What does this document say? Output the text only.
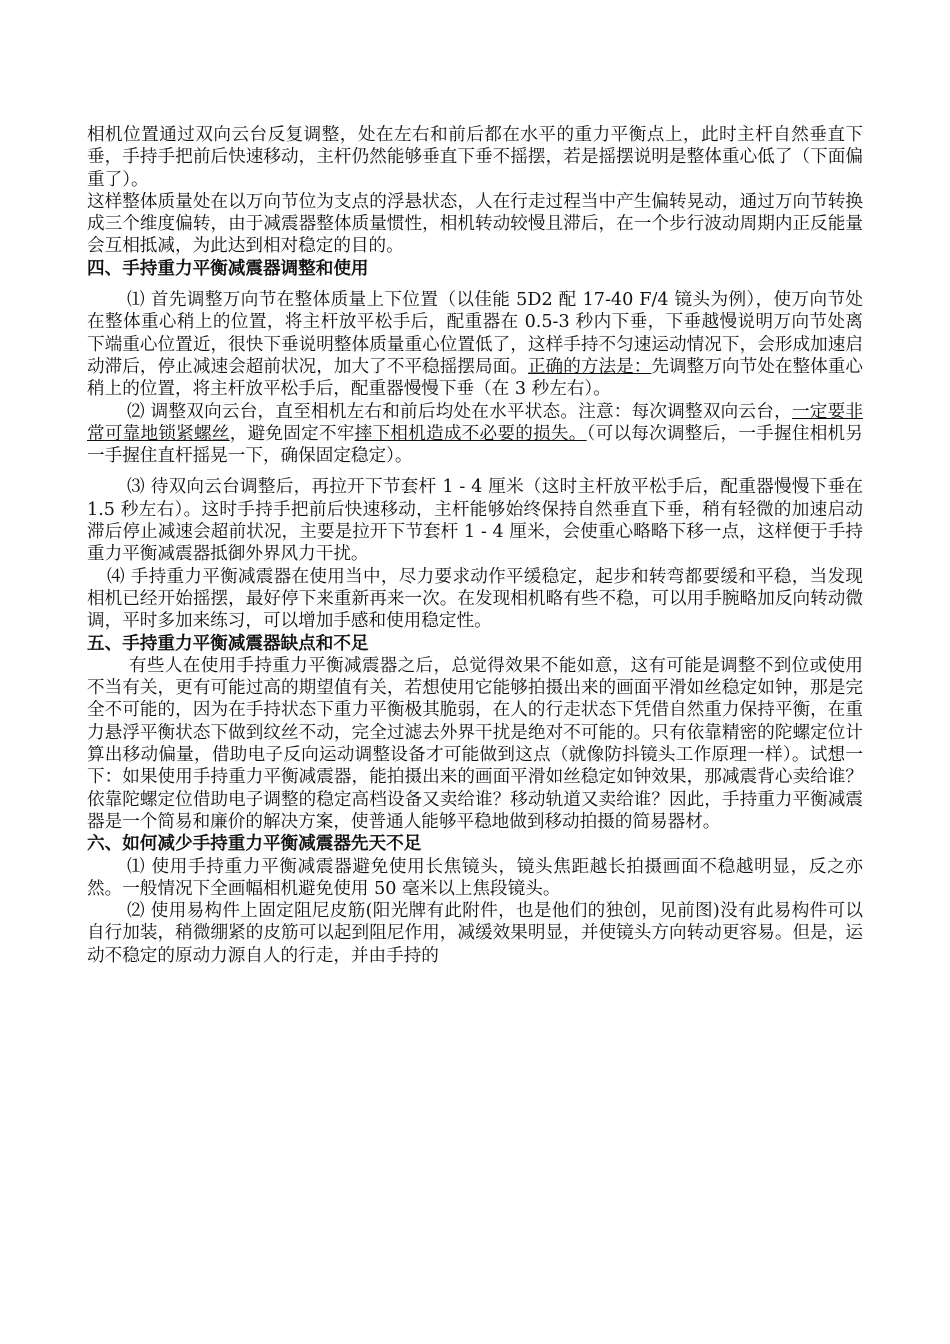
相机位置通过双向云台反复调整，处在左右和前后都在水平的重力平衡点上，此时主杆自然垂直下垂，手持手把前后快速移动，主杆仍然能够垂直下垂不摇摆，若是摇摆说明是整体重心低了（下面偏重了）。

这样整体质量处在以万向节位为支点的浮悬状态，人在行走过程当中产生偏转晃动，通过万向节转换成三个维度偏转，由于减震器整体质量惯性，相机转动较慢且滞后，在一个步行波动周期内正反能量会互相抵减，为此达到相对稳定的目的。

四、手持重力平衡减震器调整和使用

⑴ 首先调整万向节在整体质量上下位置（以佳能 5D2 配 17-40 F/4 镜头为例），使万向节处在整体重心稍上的位置，将主杆放平松手后，配重器在 0.5-3 秒内下垂，下垂越慢说明万向节处离下端重心位置近，很快下垂说明整体质量重心位置低了，这样手持不匀速运动情况下，会形成加速启动滞后，停止减速会超前状况，加大了不平稳摇摆局面。正确的方法是：先调整万向节处在整体重心稍上的位置，将主杆放平松手后，配重器慢慢下垂（在 3 秒左右）。

⑵ 调整双向云台，直至相机左右和前后均处在水平状态。注意：每次调整双向云台，一定要非常可靠地锁紧螺丝，避免固定不牢摔下相机造成不必要的损失。（可以每次调整后，一手握住相机另一手握住直杆摇晃一下，确保固定稳定）。

⑶ 待双向云台调整后，再拉开下节套杆 1 - 4 厘米（这时主杆放平松手后，配重器慢慢下垂在 1.5 秒左右）。这时手持手把前后快速移动，主杆能够始终保持自然垂直下垂，稍有轻微的加速启动滞后停止减速会超前状况，主要是拉开下节套杆 1 - 4 厘米，会使重心略略下移一点，这样便于手持重力平衡减震器抵御外界风力干扰。

⑷ 手持重力平衡减震器在使用当中，尽力要求动作平缓稳定，起步和转弯都要缓和平稳，当发现相机已经开始摇摆，最好停下来重新再来一次。在发现相机略有些不稳，可以用手腕略加反向转动微调，平时多加来练习，可以增加手感和使用稳定性。

五、手持重力平衡减震器缺点和不足

有些人在使用手持重力平衡减震器之后，总觉得效果不能如意，这有可能是调整不到位或使用不当有关，更有可能过高的期望值有关，若想使用它能够拍摄出来的画面平滑如丝稳定如钟，那是完全不可能的，因为在手持状态下重力平衡极其脆弱，在人的行走状态下凭借自然重力保持平衡，在重力悬浮平衡状态下做到纹丝不动，完全过滤去外界干扰是绝对不可能的。只有依靠精密的陀螺定位计算出移动偏量，借助电子反向运动调整设备才可能做到这点（就像防抖镜头工作原理一样）。试想一下：如果使用手持重力平衡减震器，能拍摄出来的画面平滑如丝稳定如钟效果，那减震背心卖给谁？依靠陀螺定位借助电子调整的稳定高档设备又卖给谁？移动轨道又卖给谁？因此，手持重力平衡减震器是一个简易和廉价的解决方案，使普通人能够平稳地做到移动拍摄的简易器材。

六、如何减少手持重力平衡减震器先天不足

⑴ 使用手持重力平衡减震器避免使用长焦镜头，镜头焦距越长拍摄画面不稳越明显，反之亦然。一般情况下全画幅相机避免使用 50 毫米以上焦段镜头。

⑵ 使用易构件上固定阻尼皮筋(阳光牌有此附件，也是他们的独创，见前图)没有此易构件可以自行加装，稍微绷紧的皮筋可以起到阻尼作用，减缓效果明显，并使镜头方向转动更容易。但是，运动不稳定的原动力源自人的行走，并由手持的
